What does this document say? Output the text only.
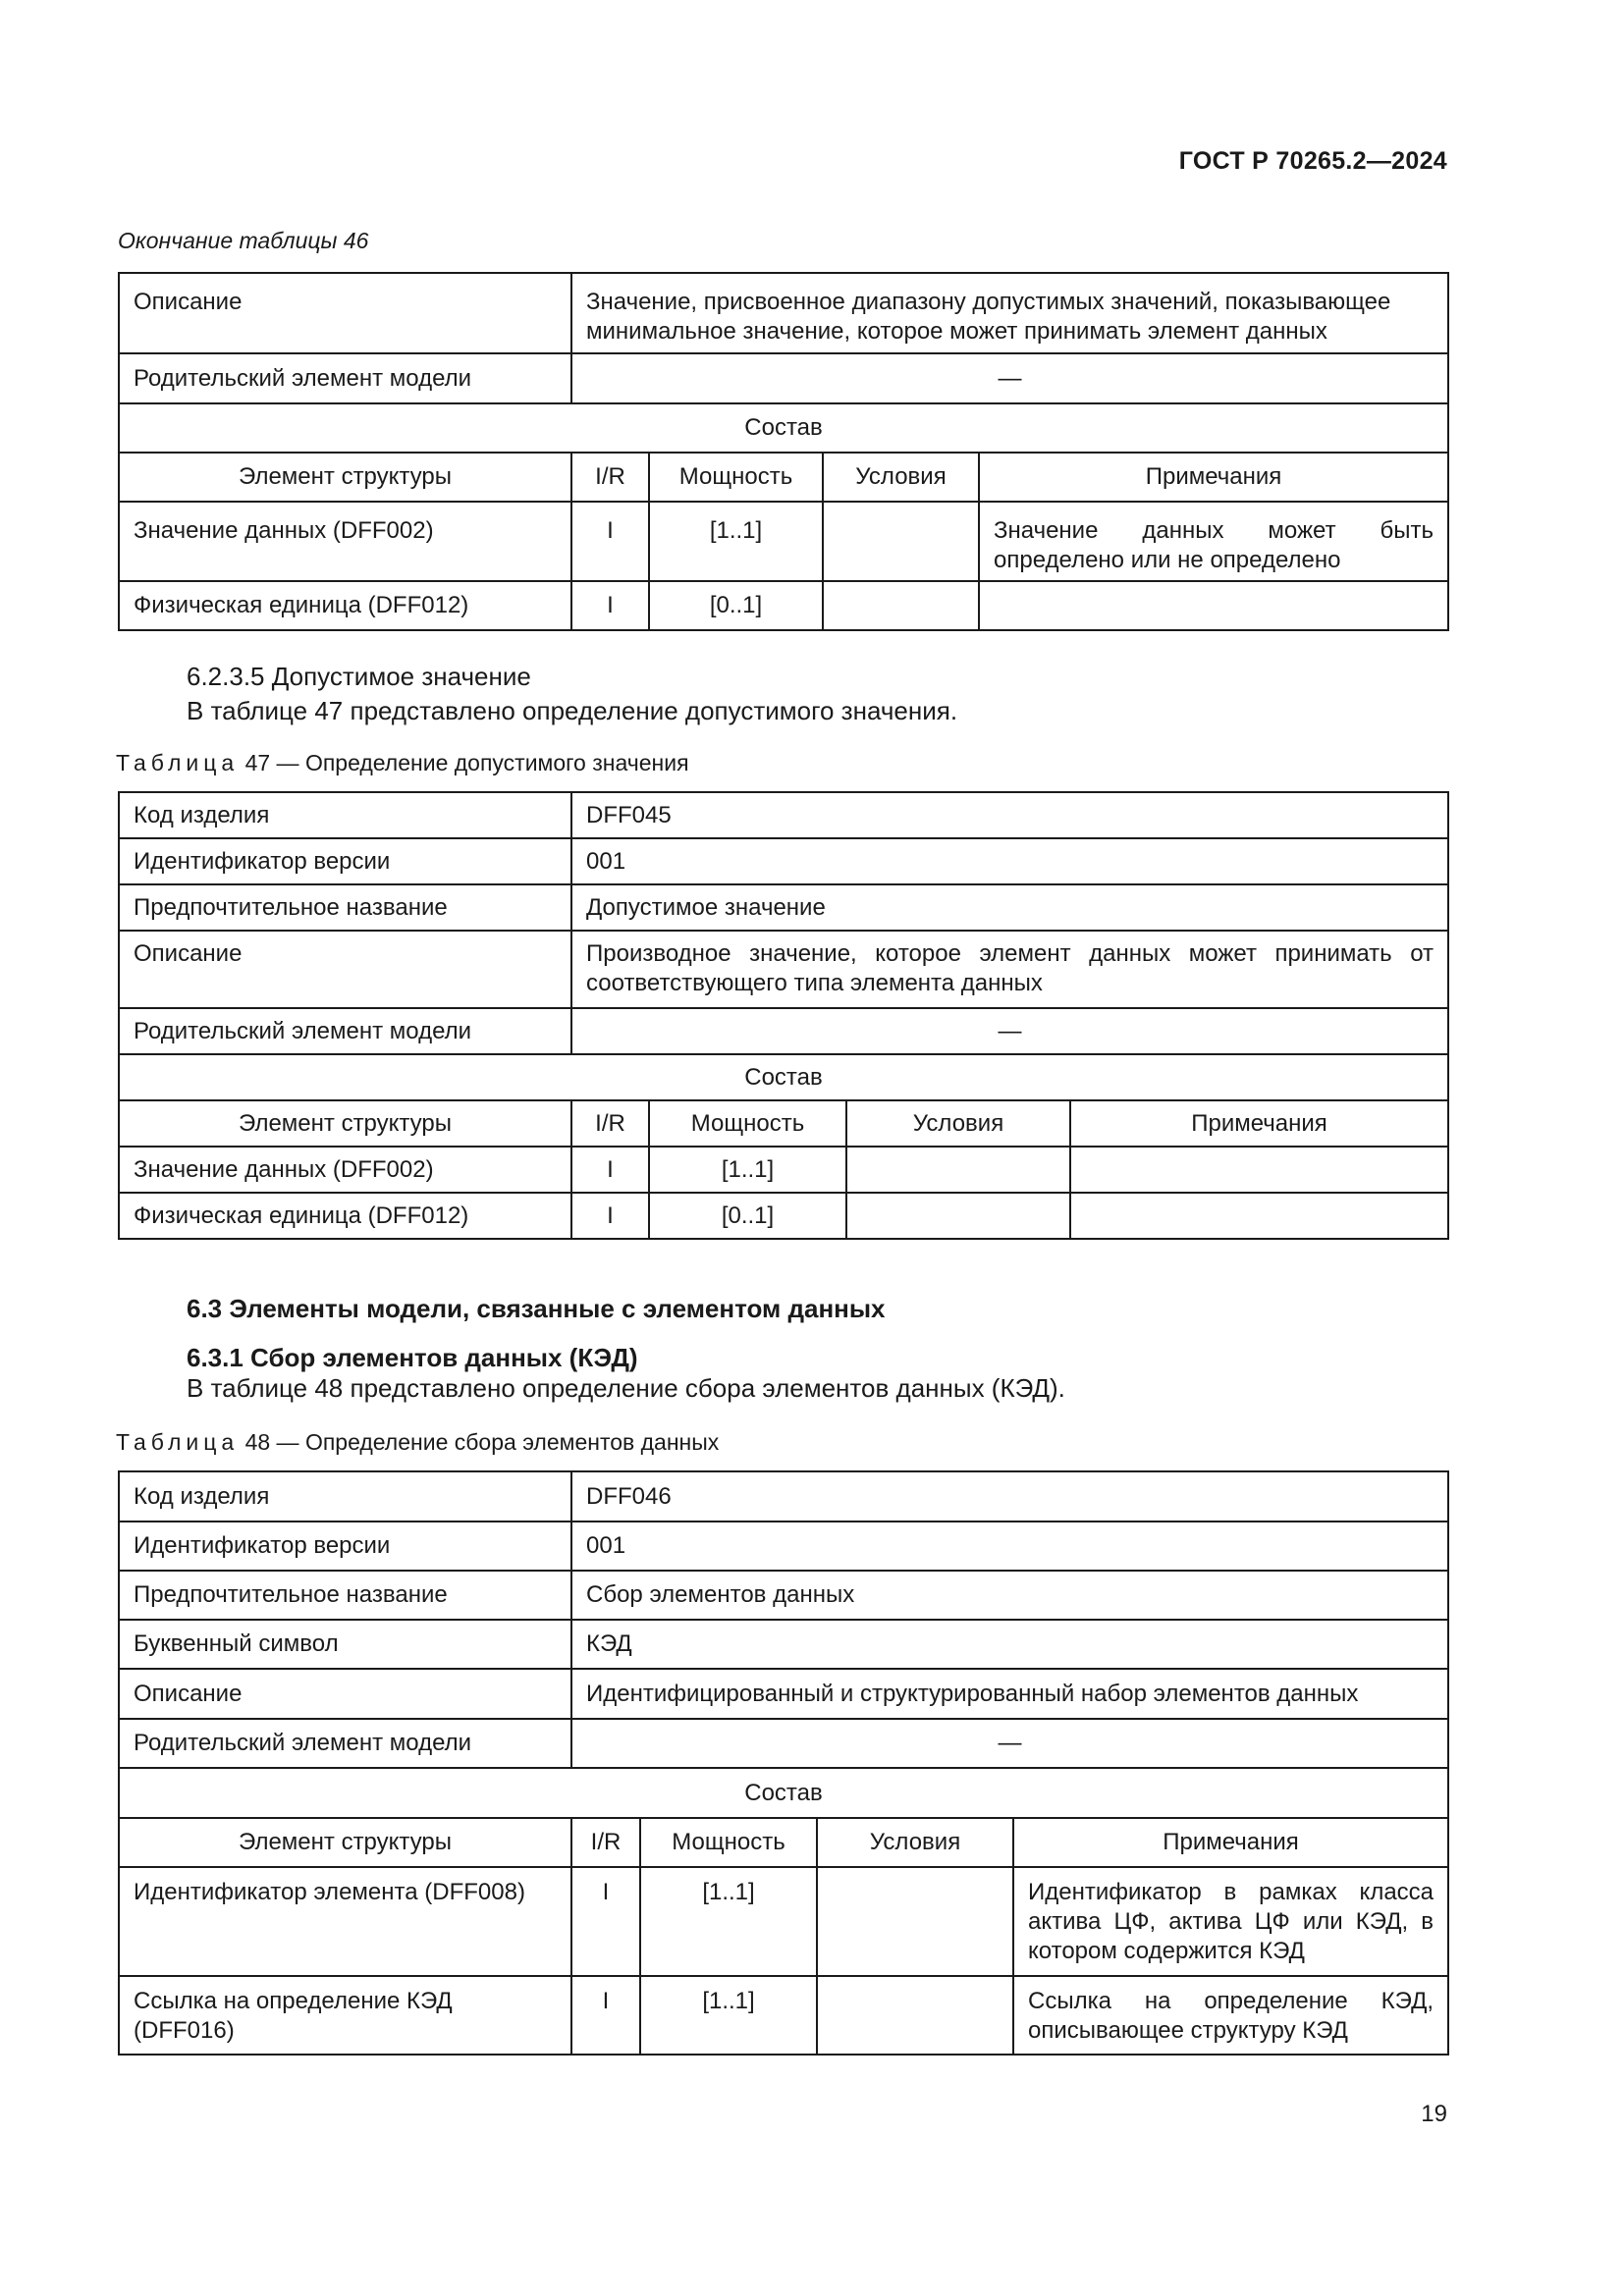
ГОСТ Р 70265.2—2024
Окончание таблицы 46
Описание	Значение, присвоенное диапазону допустимых значений, показывающее минимальное значение, которое может принимать элемент данных			
Родительский элемент модели	—			
Состав				
Элемент структуры	I/R	Мощность	Условия	Примечания
Значение данных (DFF002)	I	[1..1]		Значение данных может быть определено или не определено
Физическая единица (DFF012)	I	[0..1]		
6.2.3.5 Допустимое значение
В таблице 47 представлено определение допустимого значения.
Таблица 47 — Определение допустимого значения
Код изделия	DFF045			
Идентификатор версии	001			
Предпочтительное название	Допустимое значение			
Описание	Производное значение, которое элемент данных может принимать от соответствующего типа элемента данных			
Родительский элемент модели	—			
Состав				
Элемент структуры	I/R	Мощность	Условия	Примечания
Значение данных (DFF002)	I	[1..1]		
Физическая единица (DFF012)	I	[0..1]		
6.3 Элементы модели, связанные с элементом данных
6.3.1 Сбор элементов данных (КЭД)
В таблице 48 представлено определение сбора элементов данных (КЭД).
Таблица 48 — Определение сбора элементов данных
Код изделия	DFF046			
Идентификатор версии	001			
Предпочтительное название	Сбор элементов данных			
Буквенный символ	КЭД			
Описание	Идентифицированный и структурированный набор элементов данных			
Родительский элемент модели	—			
Состав				
Элемент структуры	I/R	Мощность	Условия	Примечания
Идентификатор элемента (DFF008)	I	[1..1]		Идентификатор в рамках класса актива ЦФ, актива ЦФ или КЭД, в котором содержится КЭД
Ссылка на определение КЭД (DFF016)	I	[1..1]		Ссылка на определение КЭД, описывающее структуру КЭД
19
